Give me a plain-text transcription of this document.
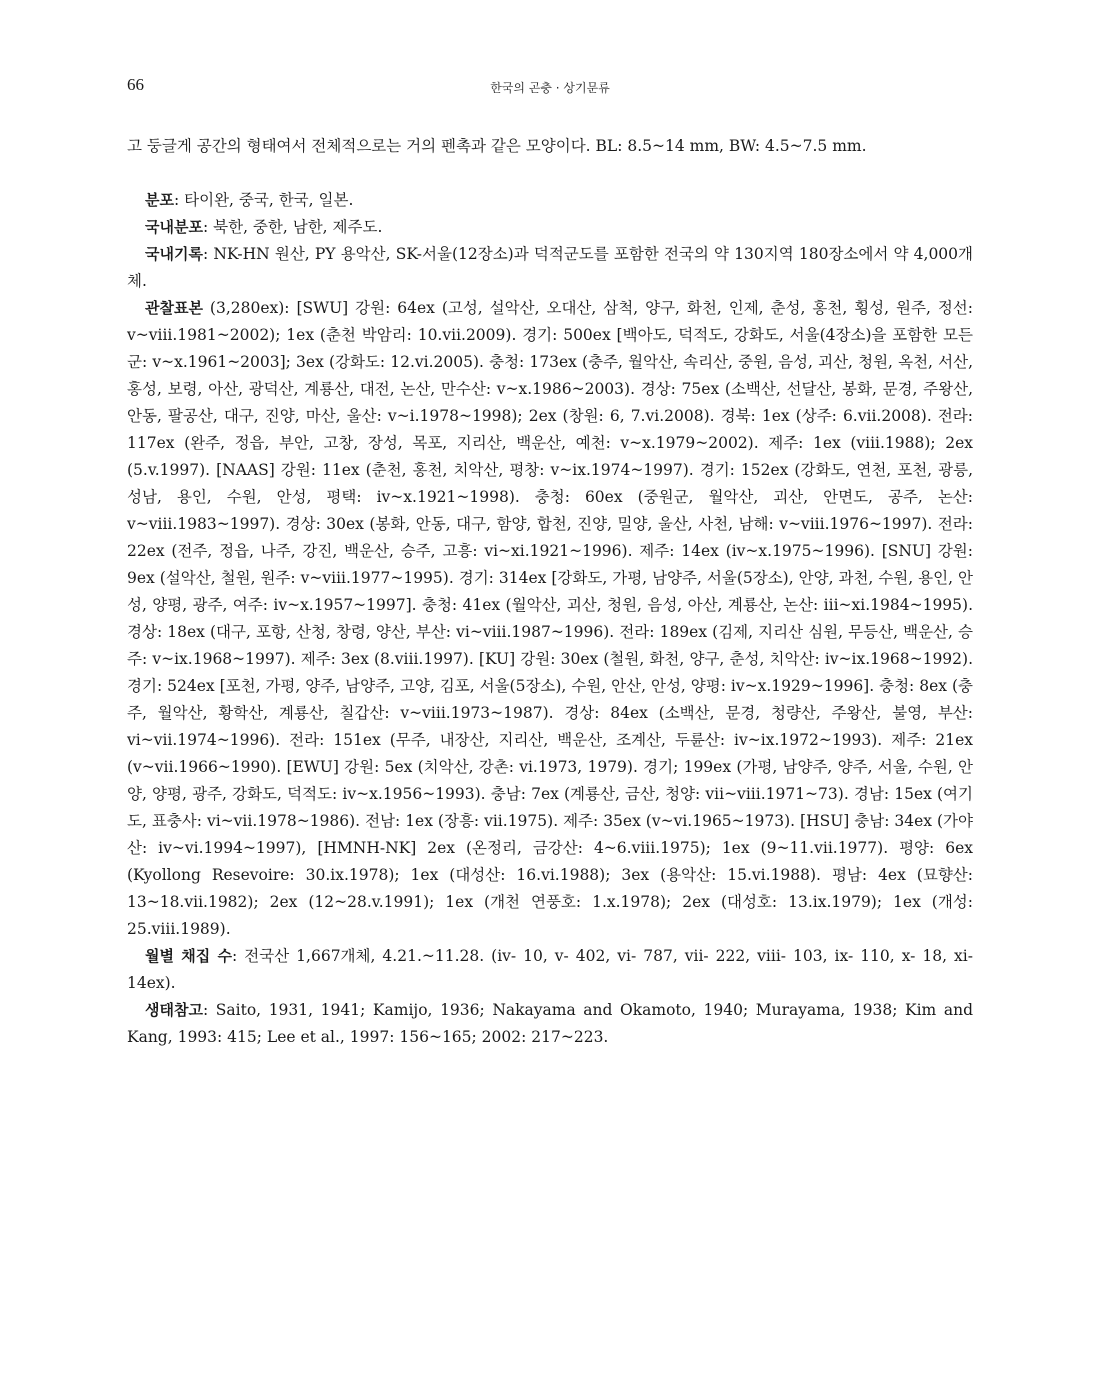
66	한국의 곤충 · 상기문류

고 둥글게 공간의 형태여서 전체적으로는 거의 펜촉과 같은 모양이다. BL: 8.5~14 mm, BW: 4.5~7.5 mm.

분포: 타이완, 중국, 한국, 일본.

국내분포: 북한, 중한, 남한, 제주도.

국내기록: NK-HN 원산, PY 용악산, SK-서울(12장소)과 덕적군도를 포함한 전국의 약 130지역 180장소에서 약 4,000개체.

관찰표본 (3,280ex): [SWU] 강원: 64ex (고성, 설악산, 오대산, 삼척, 양구, 화천, 인제, 춘성, 홍천, 횡성, 원주, 정선: v~viii.1981~2002); 1ex (춘천 박암리: 10.vii.2009). 경기: 500ex [백아도, 덕적도, 강화도, 서울(4장소)을 포함한 모든 군: v~x.1961~2003]; 3ex (강화도: 12.vi.2005). 충청: 173ex (충주, 월악산, 속리산, 중원, 음성, 괴산, 청원, 옥천, 서산, 홍성, 보령, 아산, 광덕산, 계룡산, 대전, 논산, 만수산: v~x.1986~2003). 경상: 75ex (소백산, 선달산, 봉화, 문경, 주왕산, 안동, 팔공산, 대구, 진양, 마산, 울산: v~i.1978~1998); 2ex (창원: 6, 7.vi.2008). 경북: 1ex (상주: 6.vii.2008). 전라: 117ex (완주, 정읍, 부안, 고창, 장성, 목포, 지리산, 백운산, 예천: v~x.1979~2002). 제주: 1ex (viii.1988); 2ex (5.v.1997). [NAAS] 강원: 11ex (춘천, 홍천, 치악산, 평창: v~ix.1974~1997). 경기: 152ex (강화도, 연천, 포천, 광릉, 성남, 용인, 수원, 안성, 평택: iv~x.1921~1998). 충청: 60ex (중원군, 월악산, 괴산, 안면도, 공주, 논산: v~viii.1983~1997). 경상: 30ex (봉화, 안동, 대구, 함양, 합천, 진양, 밀양, 울산, 사천, 남해: v~viii.1976~1997). 전라: 22ex (전주, 정읍, 나주, 강진, 백운산, 승주, 고흥: vi~xi.1921~1996). 제주: 14ex (iv~x.1975~1996). [SNU] 강원: 9ex (설악산, 철원, 원주: v~viii.1977~1995). 경기: 314ex [강화도, 가평, 남양주, 서울(5장소), 안양, 과천, 수원, 용인, 안성, 양평, 광주, 여주: iv~x.1957~1997]. 충청: 41ex (월악산, 괴산, 청원, 음성, 아산, 계룡산, 논산: iii~xi.1984~1995). 경상: 18ex (대구, 포항, 산청, 창령, 양산, 부산: vi~viii.1987~1996). 전라: 189ex (김제, 지리산 심원, 무등산, 백운산, 승주: v~ix.1968~1997). 제주: 3ex (8.viii.1997). [KU] 강원: 30ex (철원, 화천, 양구, 춘성, 치악산: iv~ix.1968~1992). 경기: 524ex [포천, 가평, 양주, 남양주, 고양, 김포, 서울(5장소), 수원, 안산, 안성, 양평: iv~x.1929~1996]. 충청: 8ex (충주, 월악산, 황학산, 계룡산, 칠갑산: v~viii.1973~1987). 경상: 84ex (소백산, 문경, 청량산, 주왕산, 불영, 부산: vi~vii.1974~1996). 전라: 151ex (무주, 내장산, 지리산, 백운산, 조계산, 두륜산: iv~ix.1972~1993). 제주: 21ex (v~vii.1966~1990). [EWU] 강원: 5ex (치악산, 강촌: vi.1973, 1979). 경기; 199ex (가평, 남양주, 양주, 서울, 수원, 안양, 양평, 광주, 강화도, 덕적도: iv~x.1956~1993). 충남: 7ex (계룡산, 금산, 청양: vii~viii.1971~73). 경남: 15ex (여기도, 표충사: vi~vii.1978~1986). 전남: 1ex (장흥: vii.1975). 제주: 35ex (v~vi.1965~1973). [HSU] 충남: 34ex (가야산: iv~vi.1994~1997), [HMNH-NK] 2ex (온정리, 금강산: 4~6.viii.1975); 1ex (9~11.vii.1977). 평양: 6ex (Kyollong Resevoire: 30.ix.1978); 1ex (대성산: 16.vi.1988); 3ex (용악산: 15.vi.1988). 평남: 4ex (묘향산: 13~18.vii.1982); 2ex (12~28.v.1991); 1ex (개천 연풍호: 1.x.1978); 2ex (대성호: 13.ix.1979); 1ex (개성: 25.viii.1989).

월별 채집 수: 전국산 1,667개체, 4.21.~11.28. (iv- 10, v- 402, vi- 787, vii- 222, viii- 103, ix- 110, x- 18, xi- 14ex).

생태참고: Saito, 1931, 1941; Kamijo, 1936; Nakayama and Okamoto, 1940; Murayama, 1938; Kim and Kang, 1993: 415; Lee et al., 1997: 156~165; 2002: 217~223.
